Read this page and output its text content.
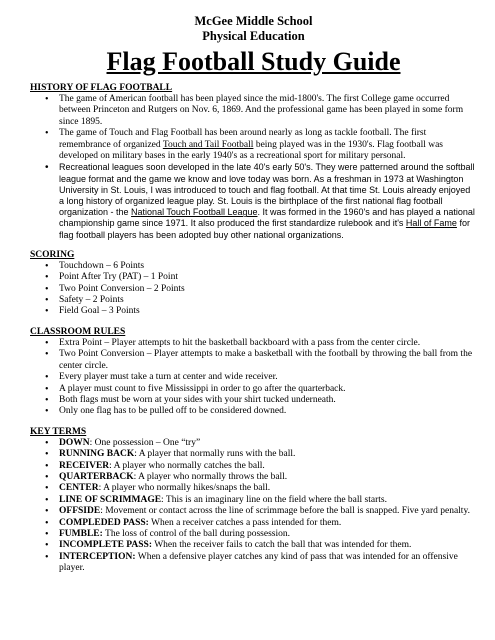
McGee Middle School

Physical Education

Flag Football Study Guide

HISTORY OF FLAG FOOTBALL

• The game of American football has been played since the mid-1800's. The first College game occurred between Princeton and Rutgers on Nov. 6, 1869. And the professional game has been played in some form since 1895.
• The game of Touch and Flag Football has been around nearly as long as tackle football. The first remembrance of organized Touch and Tail Football being played was in the 1930's. Flag football was developed on military bases in the early 1940's as a recreational sport for military personal.
• Recreational leagues soon developed in the late 40's early 50's. They were patterned around the softball league format and the game we know and love today was born. As a freshman in 1973 at Washington University in St. Louis, I was introduced to touch and flag football. At that time St. Louis already enjoyed a long history of organized league play. St. Louis is the birthplace of the first national flag football organization - the National Touch Football League. It was formed in the 1960's and has played a national championship game since 1971. It also produced the first standardize rulebook and it's Hall of Fame for flag football players has been adopted buy other national organizations.

SCORING

• Touchdown – 6 Points
• Point After Try (PAT) – 1 Point
• Two Point Conversion – 2 Points
• Safety – 2 Points
• Field Goal – 3 Points

CLASSROOM RULES

• Extra Point – Player attempts to hit the basketball backboard with a pass from the center circle.
• Two Point Conversion – Player attempts to make a basketball with the football by throwing the ball from the center circle.
• Every player must take a turn at center and wide receiver.
• A player must count to five Mississippi in order to go after the quarterback.
• Both flags must be worn at your sides with your shirt tucked underneath.
• Only one flag has to be pulled off to be considered downed.

KEY TERMS

• DOWN: One possession – One “try”
• RUNNING BACK: A player that normally runs with the ball.
• RECEIVER: A player who normally catches the ball.
• QUARTERBACK: A player who normally throws the ball.
• CENTER: A player who normally hikes/snaps the ball.
• LINE OF SCRIMMAGE: This is an imaginary line on the field where the ball starts.
• OFFSIDE: Movement or contact across the line of scrimmage before the ball is snapped. Five yard penalty.
• COMPLEDED PASS: When a receiver catches a pass intended for them.
• FUMBLE: The loss of control of the ball during possession.
• INCOMPLETE PASS: When the receiver fails to catch the ball that was intended for them.
• INTERCEPTION: When a defensive player catches any kind of pass that was intended for an offensive player.
